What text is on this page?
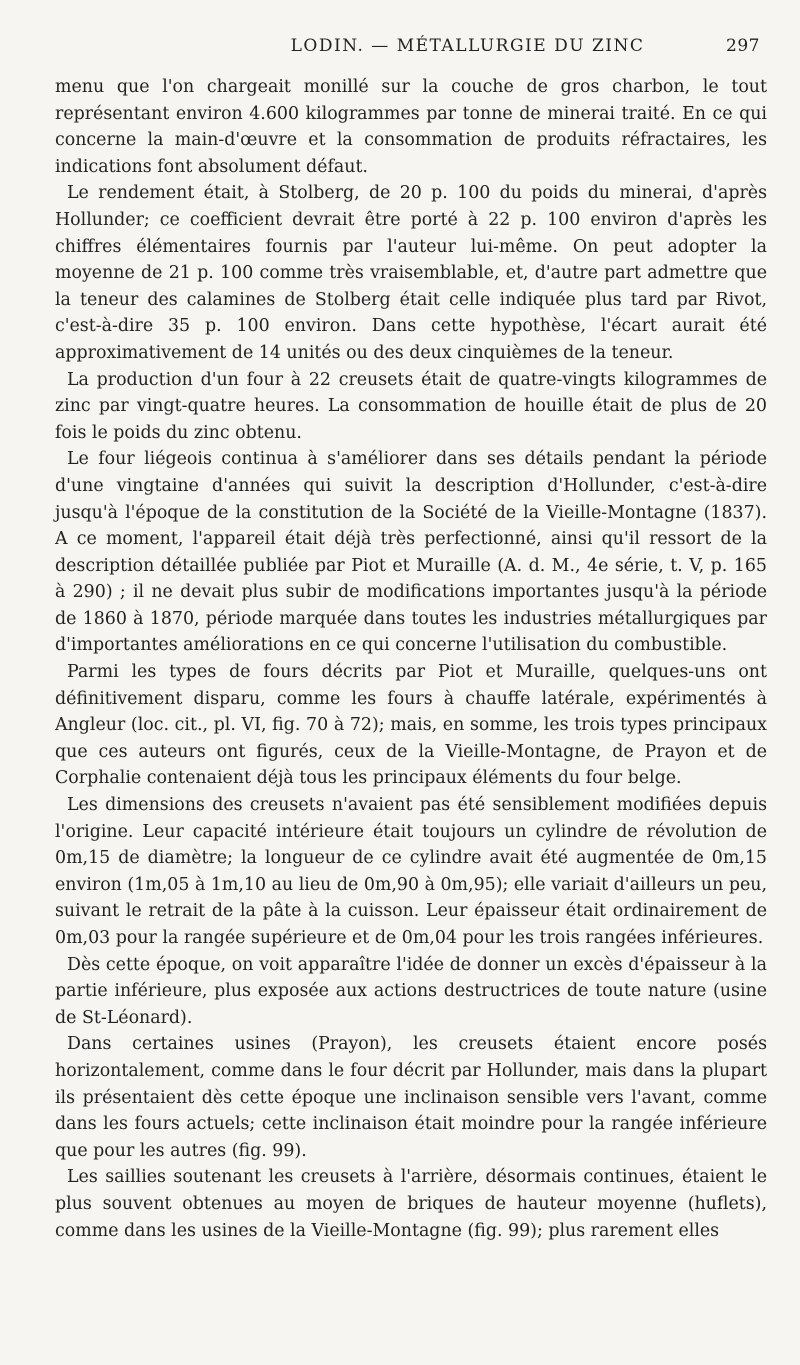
LODIN. — MÉTALLURGIE DU ZINC	297

menu que l'on chargeait monillé sur la couche de gros charbon, le tout représentant environ 4.600 kilogrammes par tonne de minerai traité. En ce qui concerne la main-d'œuvre et la consommation de produits réfractaires, les indications font absolument défaut.

Le rendement était, à Stolberg, de 20 p. 100 du poids du minerai, d'après Hollunder; ce coefficient devrait être porté à 22 p. 100 environ d'après les chiffres élémentaires fournis par l'auteur lui-même. On peut adopter la moyenne de 21 p. 100 comme très vraisemblable, et, d'autre part admettre que la teneur des calamines de Stolberg était celle indiquée plus tard par Rivot, c'est-à-dire 35 p. 100 environ. Dans cette hypothèse, l'écart aurait été approximativement de 14 unités ou des deux cinquièmes de la teneur.

La production d'un four à 22 creusets était de quatre-vingts kilogrammes de zinc par vingt-quatre heures. La consommation de houille était de plus de 20 fois le poids du zinc obtenu.

Le four liégeois continua à s'améliorer dans ses détails pendant la période d'une vingtaine d'années qui suivit la description d'Hollunder, c'est-à-dire jusqu'à l'époque de la constitution de la Société de la Vieille-Montagne (1837). A ce moment, l'appareil était déjà très perfectionné, ainsi qu'il ressort de la description détaillée publiée par Piot et Muraille (A. d. M., 4e série, t. V, p. 165 à 290) ; il ne devait plus subir de modifications importantes jusqu'à la période de 1860 à 1870, période marquée dans toutes les industries métallurgiques par d'importantes améliorations en ce qui concerne l'utilisation du combustible.

Parmi les types de fours décrits par Piot et Muraille, quelques-uns ont définitivement disparu, comme les fours à chauffe latérale, expérimentés à Angleur (loc. cit., pl. VI, fig. 70 à 72); mais, en somme, les trois types principaux que ces auteurs ont figurés, ceux de la Vieille-Montagne, de Prayon et de Corphalie contenaient déjà tous les principaux éléments du four belge.

Les dimensions des creusets n'avaient pas été sensiblement modifiées depuis l'origine. Leur capacité intérieure était toujours un cylindre de révolution de 0m,15 de diamètre; la longueur de ce cylindre avait été augmentée de 0m,15 environ (1m,05 à 1m,10 au lieu de 0m,90 à 0m,95); elle variait d'ailleurs un peu, suivant le retrait de la pâte à la cuisson. Leur épaisseur était ordinairement de 0m,03 pour la rangée supérieure et de 0m,04 pour les trois rangées inférieures.

Dès cette époque, on voit apparaître l'idée de donner un excès d'épaisseur à la partie inférieure, plus exposée aux actions destructrices de toute nature (usine de St-Léonard).

Dans certaines usines (Prayon), les creusets étaient encore posés horizontalement, comme dans le four décrit par Hollunder, mais dans la plupart ils présentaient dès cette époque une inclinaison sensible vers l'avant, comme dans les fours actuels; cette inclinaison était moindre pour la rangée inférieure que pour les autres (fig. 99).

Les saillies soutenant les creusets à l'arrière, désormais continues, étaient le plus souvent obtenues au moyen de briques de hauteur moyenne (huflets), comme dans les usines de la Vieille-Montagne (fig. 99); plus rarement elles
